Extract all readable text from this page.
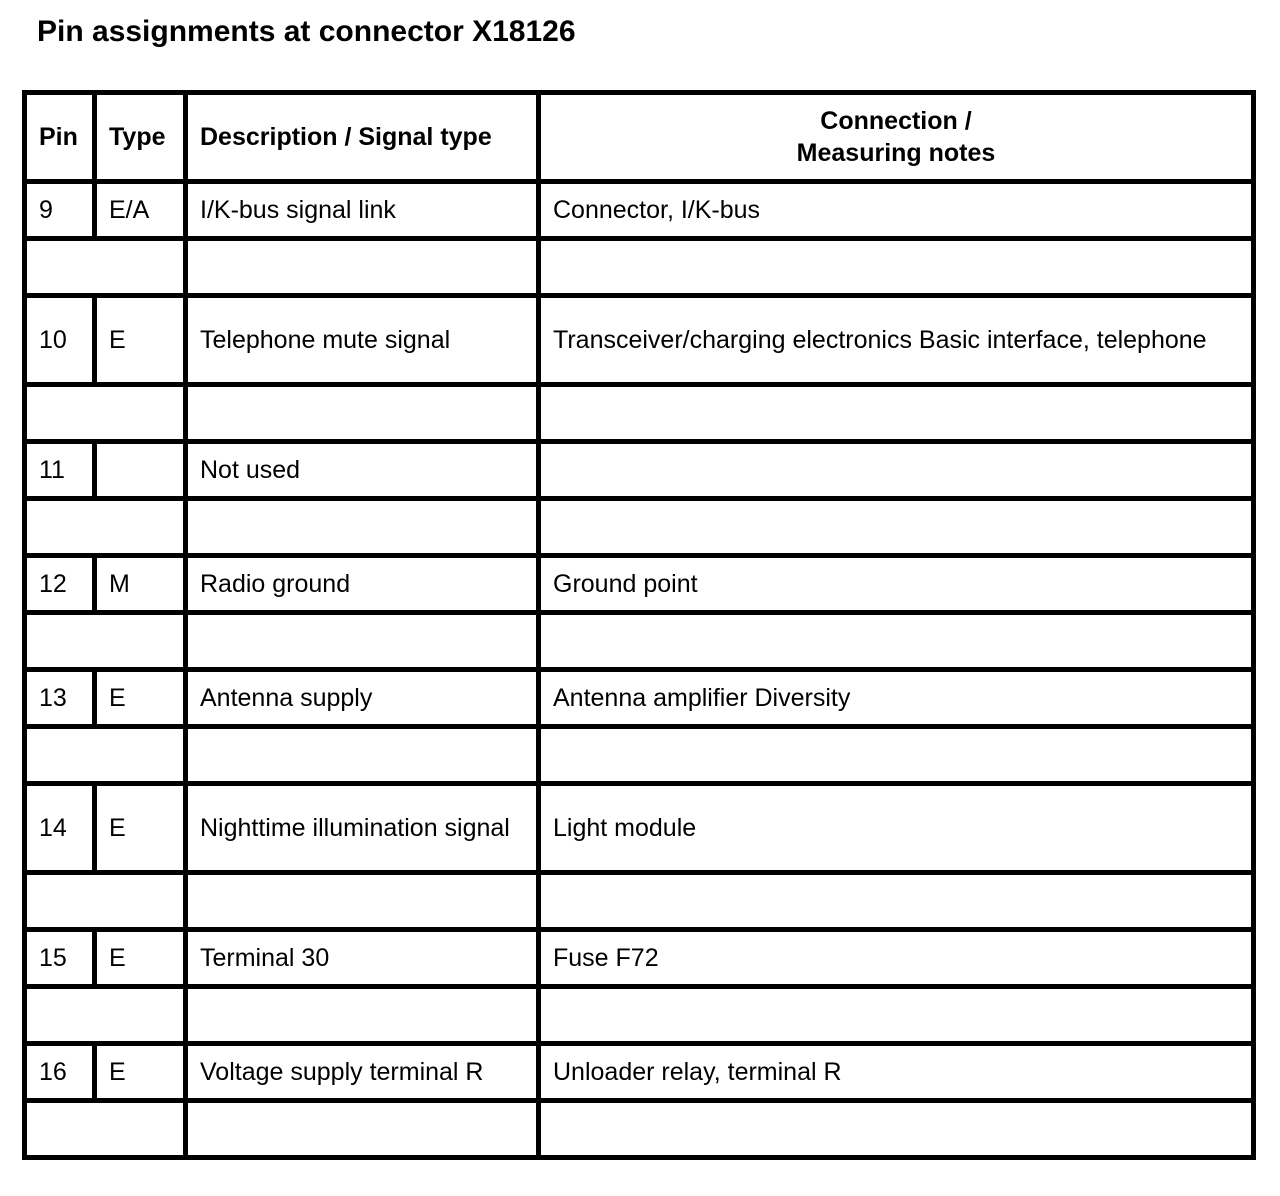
Pin assignments at connector X18126
Pin	Type	Description / Signal type	Connection /
Measuring notes
9	E/A	I/K-bus signal link	Connector, I/K-bus

10	E	Telephone mute signal	Transceiver/charging electronics Basic interface, telephone

11		Not used	

12	M	Radio ground	Ground point

13	E	Antenna supply	Antenna amplifier Diversity

14	E	Nighttime illumination signal	Light module

15	E	Terminal 30	Fuse F72

16	E	Voltage supply terminal R	Unloader relay, terminal R
